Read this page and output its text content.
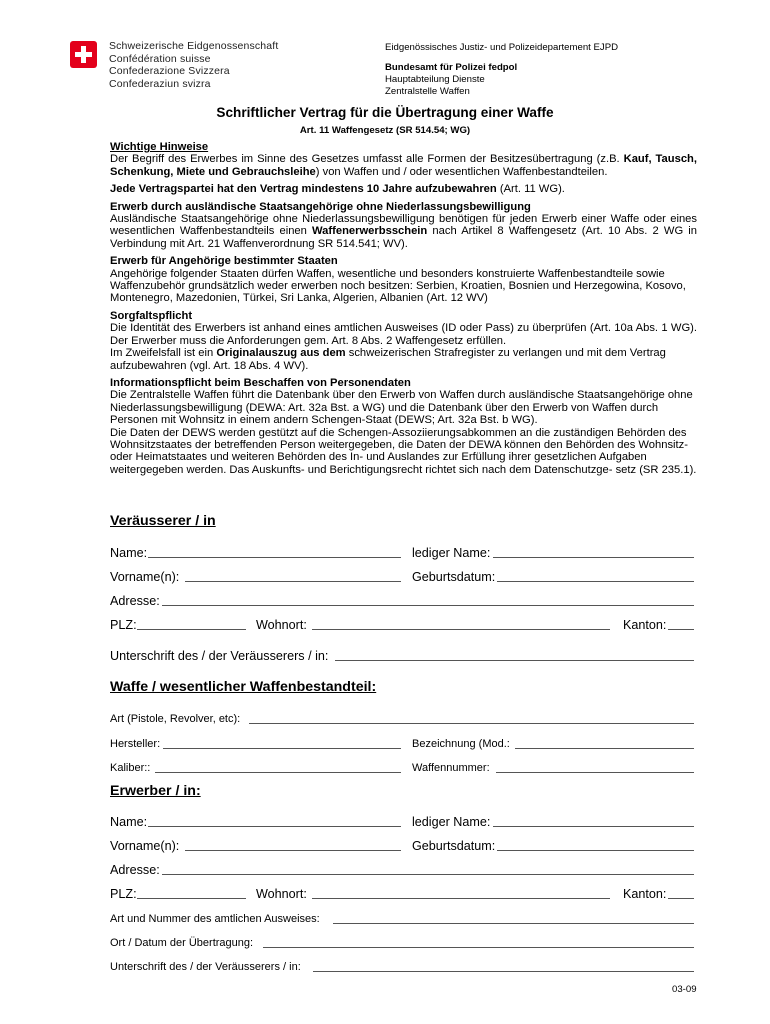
Schweizerische Eidgenossenschaft
Confédération suisse
Confederazione Svizzera
Confederaziun svizra
Eidgenössisches Justiz- und Polizeidepartement EJPD
Bundesamt für Polizei fedpol
Hauptabteilung Dienste
Zentralstelle Waffen
Schriftlicher Vertrag für die Übertragung einer Waffe
Art. 11 Waffengesetz (SR 514.54; WG)

Wichtige Hinweise

Der Begriff des Erwerbes im Sinne des Gesetzes umfasst alle Formen der Besitzesübertragung (z.B. Kauf, Tausch, Schenkung, Miete und Gebrauchsleihe) von Waffen und / oder wesentlichen Waffenbestandteilen.

Jede Vertragspartei hat den Vertrag mindestens 10 Jahre aufzubewahren (Art. 11 WG).

Erwerb durch ausländische Staatsangehörige ohne Niederlassungsbewilligung

Ausländische Staatsangehörige ohne Niederlassungsbewilligung benötigen für jeden Erwerb einer Waffe oder eines wesentlichen Waffenbestandteils einen Waffenerwerbsschein nach Artikel 8 Waffengesetz (Art. 10 Abs. 2 WG in Verbindung mit Art. 21 Waffenverordnung SR 514.541; WV).

Erwerb für Angehörige bestimmter Staaten

Angehörige folgender Staaten dürfen Waffen, wesentliche und besonders konstruierte Waffenbestandteile sowie Waffenzubehör grundsätzlich weder erwerben noch besitzen: Serbien, Kroatien, Bosnien und Herzegowina, Kosovo, Montenegro, Mazedonien, Türkei, Sri Lanka, Algerien, Albanien (Art. 12 WV)

Sorgfaltspflicht

Die Identität des Erwerbers ist anhand eines amtlichen Ausweises (ID oder Pass) zu überprüfen (Art. 10a Abs. 1 WG). Der Erwerber muss die Anforderungen gem. Art. 8 Abs. 2 Waffengesetz erfüllen.

Im Zweifelsfall ist ein Originalauszug aus dem schweizerischen Strafregister zu verlangen und mit dem Vertrag aufzubewahren (vgl. Art. 18 Abs. 4 WV).

Informationspflicht beim Beschaffen von Personendaten

Die Zentralstelle Waffen führt die Datenbank über den Erwerb von Waffen durch ausländische Staatsangehörige ohne Niederlassungsbewilligung (DEWA: Art. 32a Bst. a WG) und die Datenbank über den Erwerb von Waffen durch Personen mit Wohnsitz in einem andern Schengen-Staat (DEWS; Art. 32a Bst. b WG).

Die Daten der DEWS werden gestützt auf die Schengen-Assoziierungsabkommen an die zuständigen Behörden des Wohnsitzstaates der betreffenden Person weitergegeben, die Daten der DEWA können den Behörden des Wohnsitz- oder Heimatstaates und weiteren Behörden des In- und Auslandes zur Erfüllung ihrer gesetzlichen Aufgaben weitergegeben werden. Das Auskunfts- und Berichtigungsrecht richtet sich nach dem Datenschutzge- setz (SR 235.1).

Veräusserer / in
Name:	lediger Name:
Vorname(n):	Geburtsdatum:
Adresse:
PLZ:	Wohnort:	Kanton:
Unterschrift des / der Veräusserers / in:
Waffe / wesentlicher Waffenbestandteil:
Art (Pistole, Revolver, etc):
Hersteller:	Bezeichnung (Mod.:
Kaliber::	Waffennummer:
Erwerber / in:
Name:	lediger Name:
Vorname(n):	Geburtsdatum:
Adresse:
PLZ:	Wohnort:	Kanton:
Art und Nummer des amtlichen Ausweises:
Ort / Datum der Übertragung:
Unterschrift des / der Veräusserers / in:
03-09
